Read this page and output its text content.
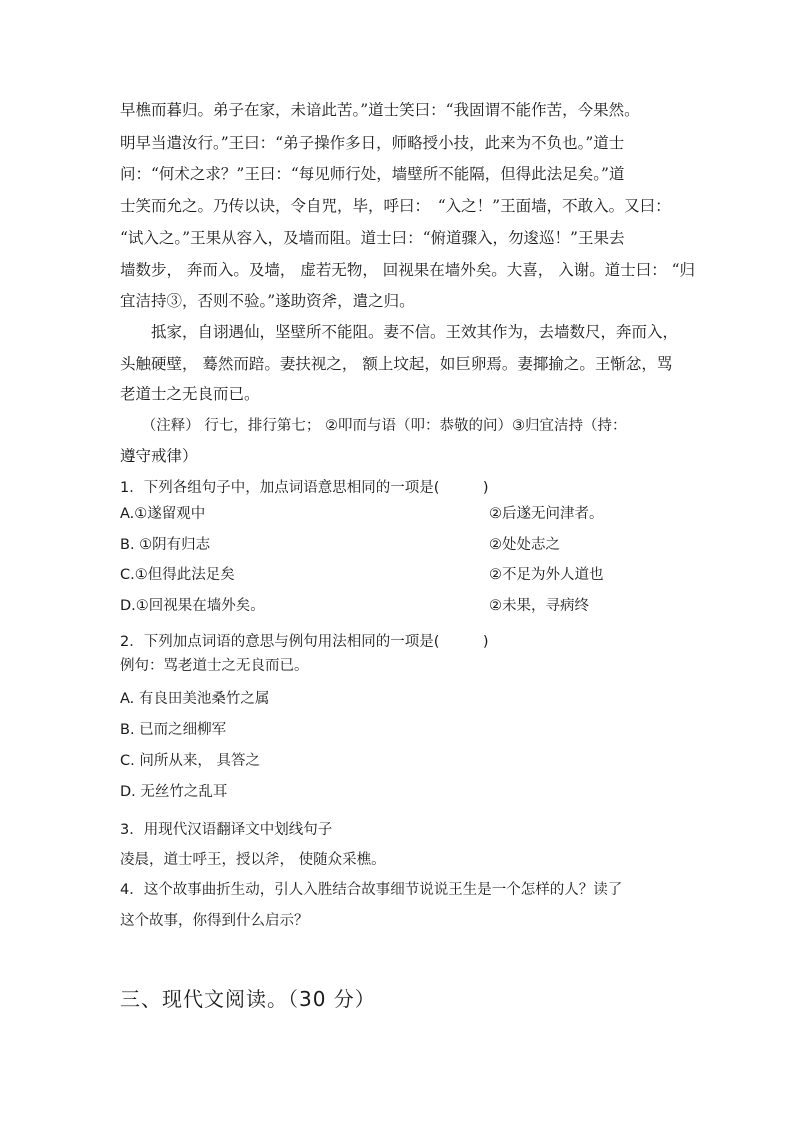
早樵而暮归。弟子在家，未谙此苦。”道士笑曰：“我固谓不能作苦，今果然。
明早当遣汝行。”王曰：“弟子操作多日，师略授小技，此来为不负也。”道士
问：“何术之求？”王曰：“每见师行处，墙壁所不能隔，但得此法足矣。”道
士笑而允之。乃传以诀，令自咒，毕，呼曰：　“入之！”王面墙，不敢入。又曰：
“试入之。”王果从容入，及墙而阻。道士曰：“俯道骤入，勿逡巡！”王果去
墙数步， 奔而入。及墙， 虚若无物， 回视果在墙外矣。大喜， 入谢。道士曰： “归
宜洁持③，否则不验。”遂助资斧，遣之归。
　　抵家，自诩遇仙，坚壁所不能阻。妻不信。王效其作为，去墙数尺，奔而入，
头触硬壁， 蓦然而踣。妻扶视之， 额上坟起，如巨卵焉。妻揶揄之。王惭忿，骂
老道士之无良而已。
　　（注释） 行七，排行第七； ②叩而与语（叩：恭敬的问）③归宜洁持（持：
遵守戒律）
1．下列各组句子中，加点词语意思相同的一项是(　　　)
A.①遂留观中	②后遂无问津者。
B. ①阴有归志	②处处志之
C.①但得此法足矣	②不足为外人道也
D.①回视果在墙外矣。	②未果，寻病终
2．下列加点词语的意思与例句用法相同的一项是(　　　)
例句：骂老道士之无良而已。
A. 有良田美池桑竹之属
B. 已而之细柳军
C. 问所从来， 具答之
D. 无丝竹之乱耳
3．用现代汉语翻译文中划线句子
凌晨，道士呼王，授以斧， 使随众采樵。
4．这个故事曲折生动，引人入胜结合故事细节说说王生是一个怎样的人？读了
这个故事，你得到什么启示？
三、现代文阅读。（30 分）
